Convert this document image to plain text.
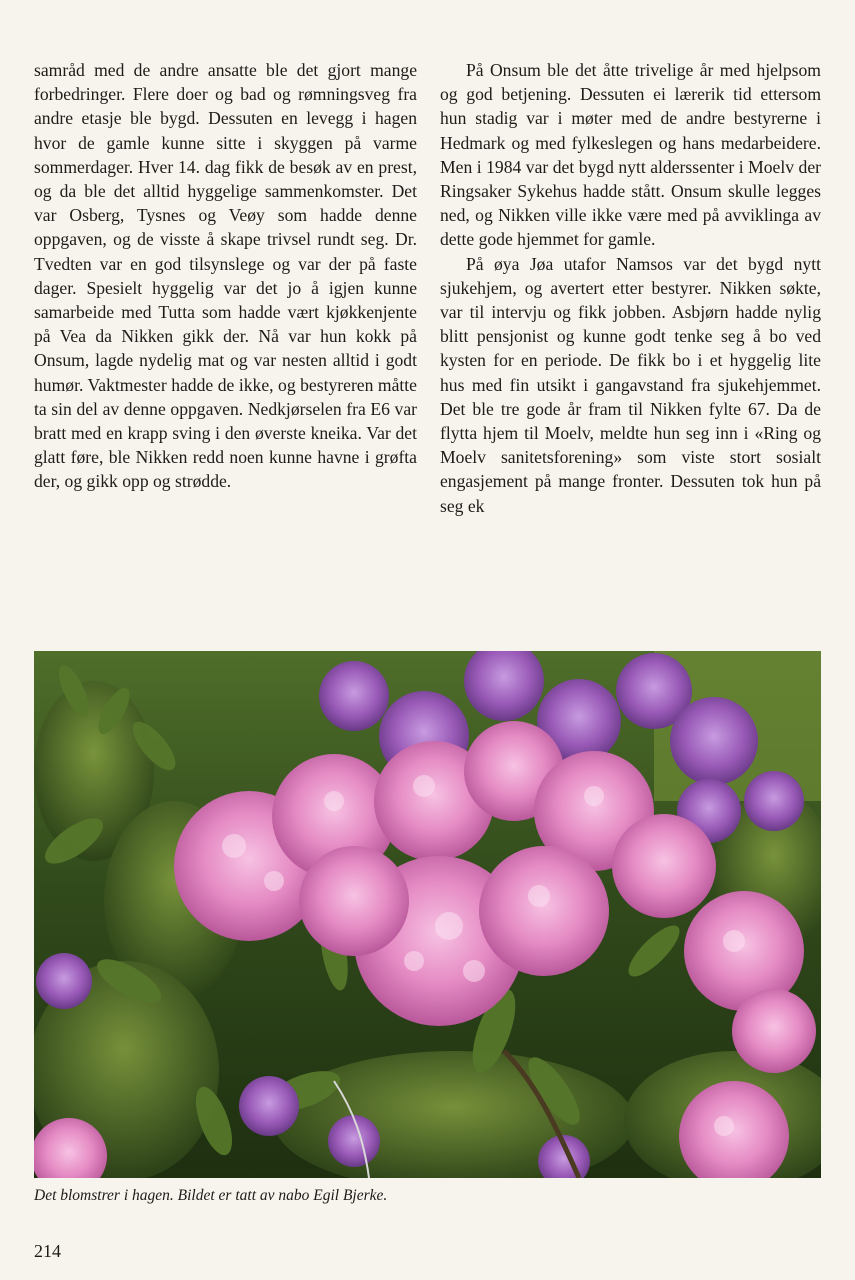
samråd med de andre ansatte ble det gjort mange forbedringer. Flere doer og bad og rømningsveg fra andre etasje ble bygd. Dessuten en levegg i hagen hvor de gamle kunne sitte i skyggen på varme sommerdager. Hver 14. dag fikk de besøk av en prest, og da ble det alltid hyggelige sammenkomster. Det var Osberg, Tysnes og Veøy som hadde denne oppgaven, og de visste å skape trivsel rundt seg. Dr. Tvedten var en god tilsynslege og var der på faste dager. Spesielt hyggelig var det jo å igjen kunne samarbeide med Tutta som hadde vært kjøkkenjente på Vea da Nikken gikk der. Nå var hun kokk på Onsum, lagde nydelig mat og var nesten alltid i godt humør. Vaktmester hadde de ikke, og bestyreren måtte ta sin del av denne oppgaven. Nedkjørselen fra E6 var bratt med en krapp sving i den øverste kneika. Var det glatt føre, ble Nikken redd noen kunne havne i grøfta der, og gikk opp og strødde.

På Onsum ble det åtte trivelige år med hjelpsom og god betjening. Dessuten ei lærerik tid ettersom hun stadig var i møter med de andre bestyrerne i Hedmark og med fylkeslegen og hans medarbeidere. Men i 1984 var det bygd nytt alderssenter i Moelv der Ringsaker Sykehus hadde stått. Onsum skulle legges ned, og Nikken ville ikke være med på avviklinga av dette gode hjemmet for gamle.

På øya Jøa utafor Namsos var det bygd nytt sjukehjem, og avertert etter bestyrer. Nikken søkte, var til intervju og fikk jobben. Asbjørn hadde nylig blitt pensjonist og kunne godt tenke seg å bo ved kysten for en periode. De fikk bo i et hyggelig lite hus med fin utsikt i gangavstand fra sjukehjemmet. Det ble tre gode år fram til Nikken fylte 67. Da de flytta hjem til Moelv, meldte hun seg inn i «Ring og Moelv sanitetsforening» som viste stort sosialt engasjement på mange fronter. Dessuten tok hun på seg ek

Det blomstrer i hagen. Bildet er tatt av nabo Egil Bjerke.
214
